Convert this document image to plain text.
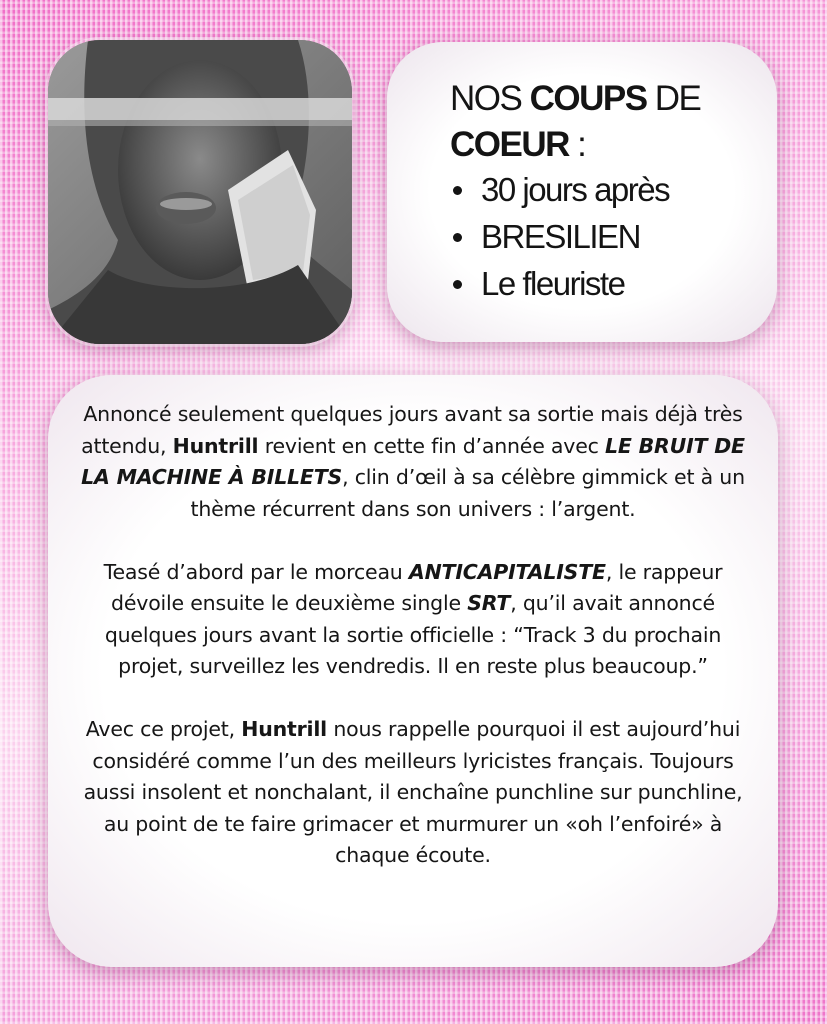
NOS COUPS DE
COEUR :

30 jours après
BRESILIEN
Le fleuriste

Annoncé seulement quelques jours avant sa sortie mais déjà très attendu, Huntrill revient en cette fin d’année avec LE BRUIT DE LA MACHINE À BILLETS, clin d’œil à sa célèbre gimmick et à un thème récurrent dans son univers : l’argent.

Teasé d’abord par le morceau ANTICAPITALISTE, le rappeur dévoile ensuite le deuxième single SRT, qu’il avait annoncé quelques jours avant la sortie officielle : “Track 3 du prochain projet, surveillez les vendredis. Il en reste plus beaucoup.”

Avec ce projet, Huntrill nous rappelle pourquoi il est aujourd’hui considéré comme l’un des meilleurs lyricistes français. Toujours aussi insolent et nonchalant, il enchaîne punchline sur punchline, au point de te faire grimacer et murmurer un «oh l’enfoiré» à chaque écoute.
